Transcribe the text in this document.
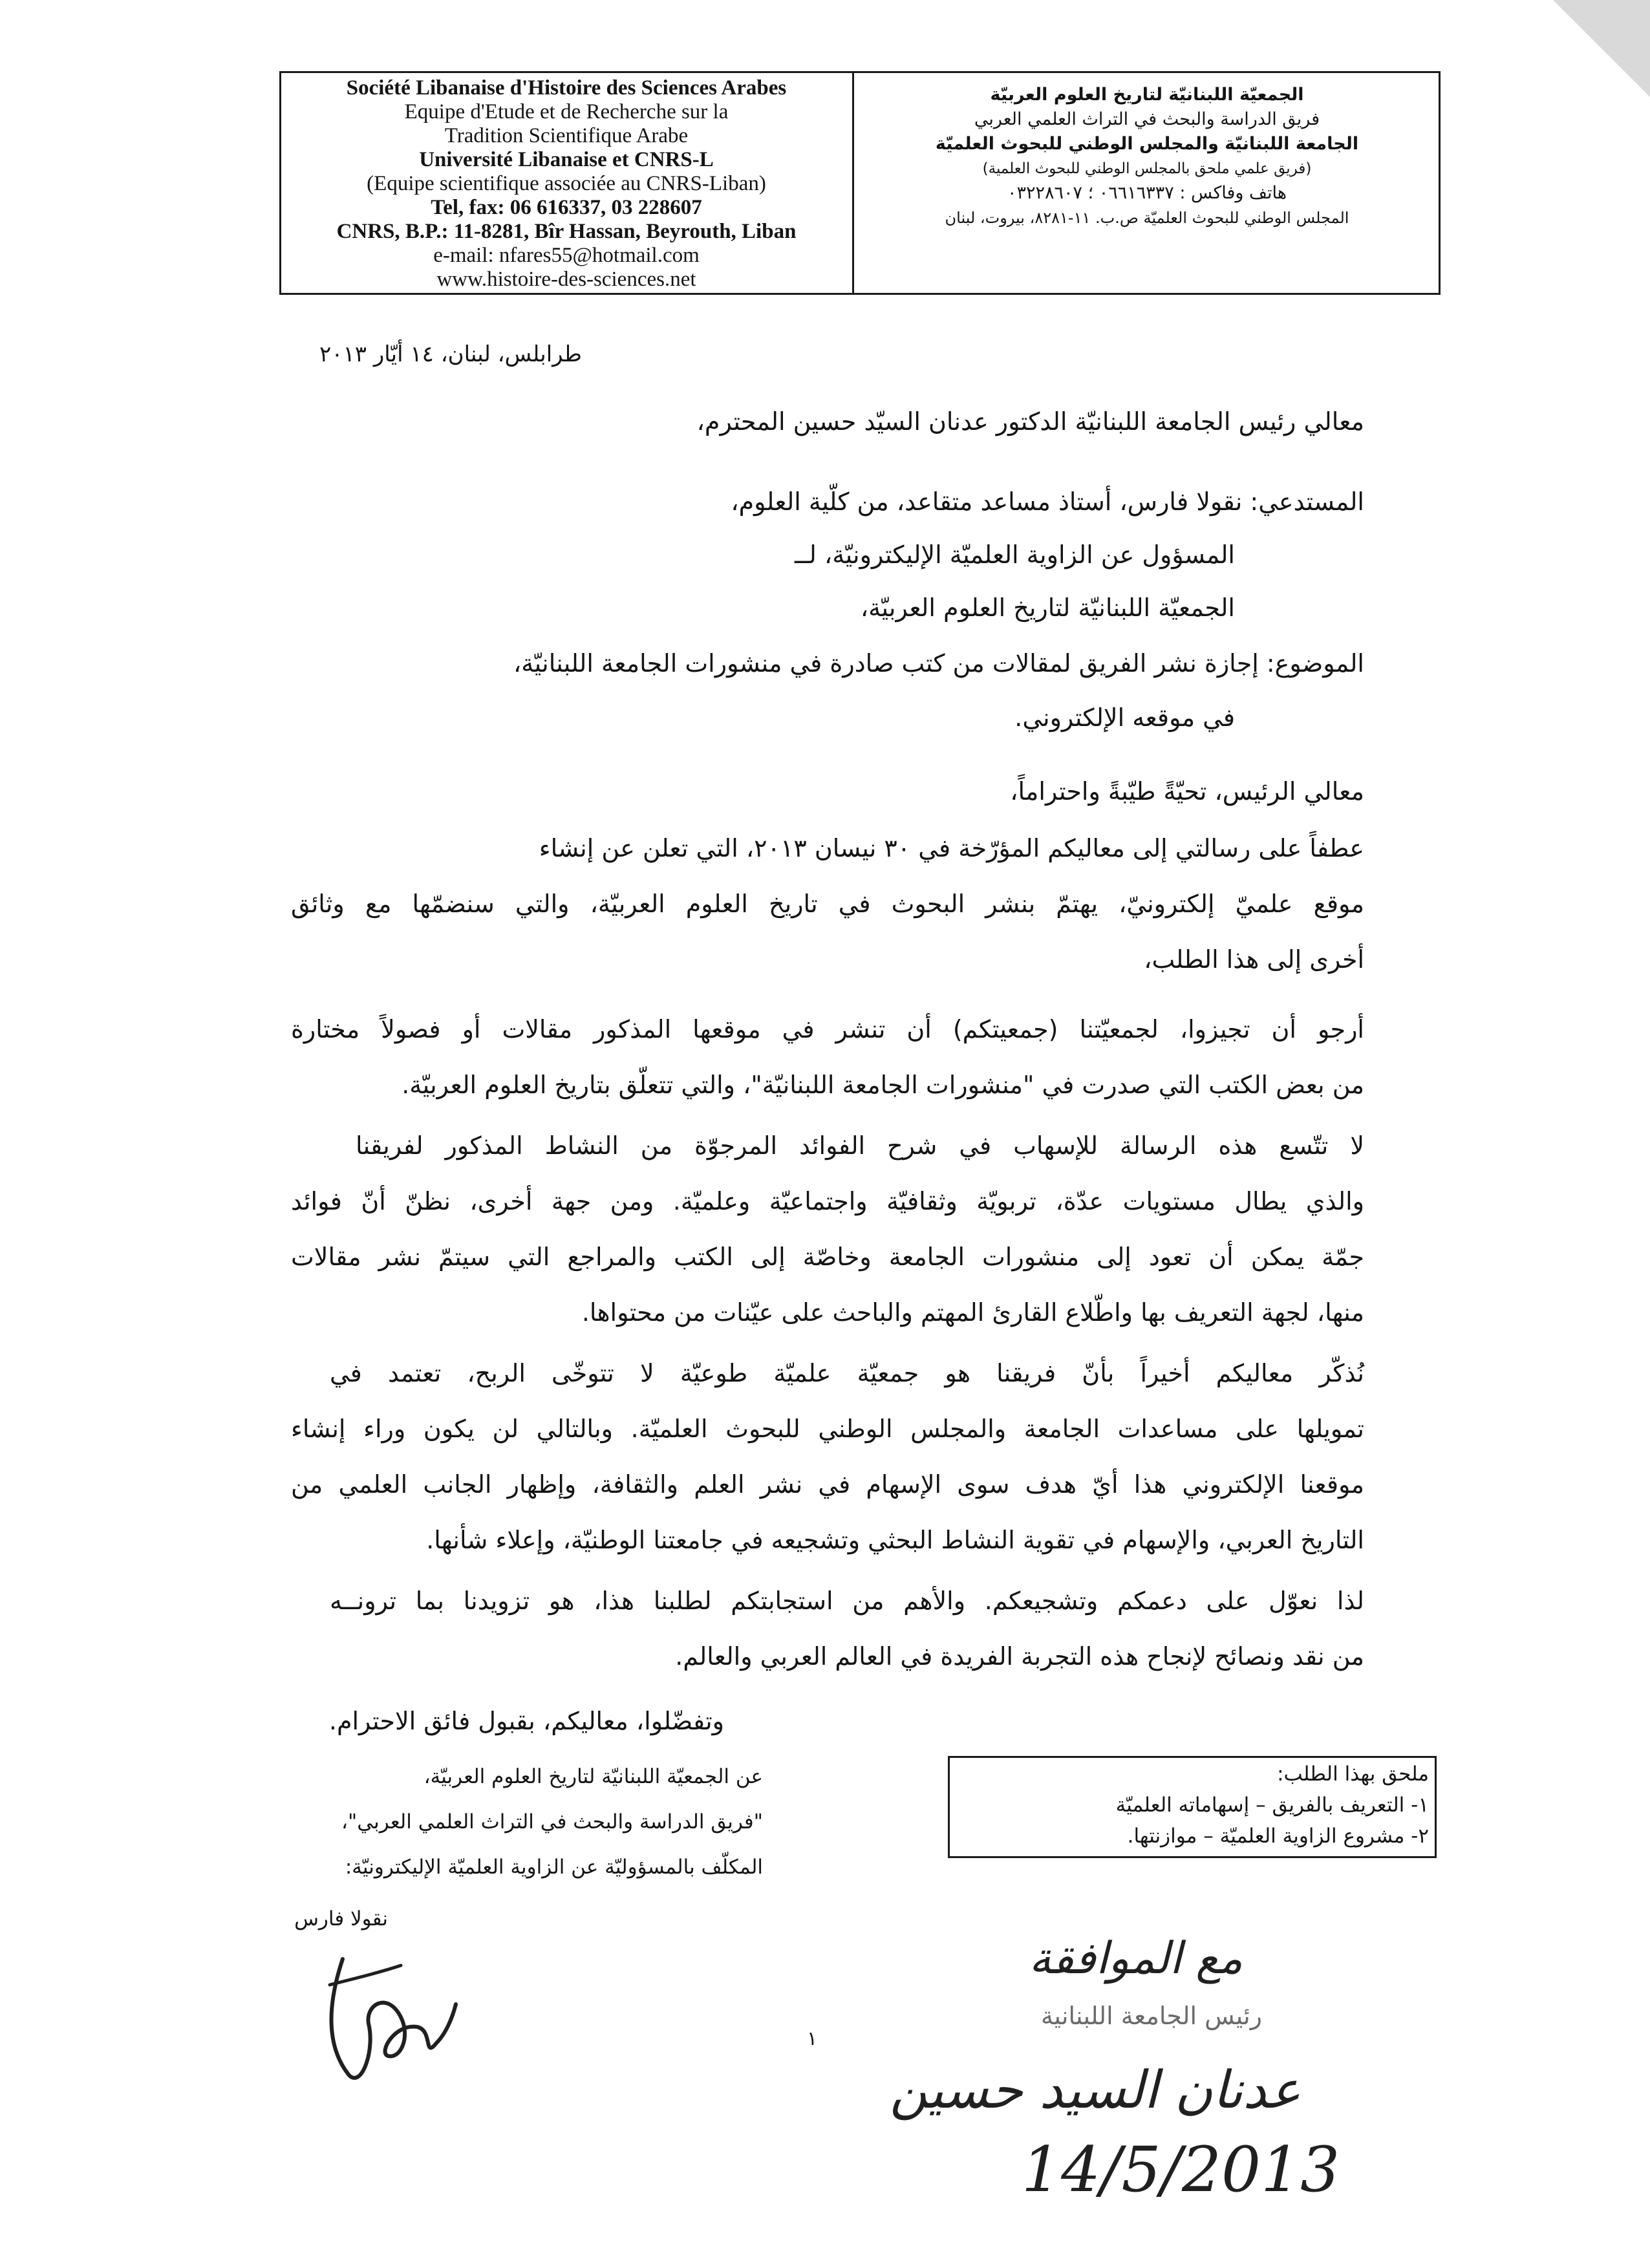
Société Libanaise d'Histoire des Sciences Arabes
Equipe d'Etude et de Recherche sur la
Tradition Scientifique Arabe
Université Libanaise et CNRS-L
(Equipe scientifique associée au CNRS-Liban)
Tel, fax: 06 616337, 03 228607
CNRS, B.P.: 11-8281, Bîr Hassan, Beyrouth, Liban
e-mail: nfares55@hotmail.com
www.histoire-des-sciences.net
الجمعيّة اللبنانيّة لتاريخ العلوم العربيّة
فريق الدراسة والبحث في التراث العلمي العربي
الجامعة اللبنانيّة والمجلس الوطني للبحوث العلميّة
(فريق علمي ملحق بالمجلس الوطني للبحوث العلمية)
هاتف وفاكس : ٠٦٦١٦٣٣٧ ؛ ٠٣٢٢٨٦٠٧
المجلس الوطني للبحوث العلميّة ص.ب. ١١-٨٢٨١، بيروت، لبنان
طرابلس، لبنان، ١٤ أيّار ٢٠١٣
معالي رئيس الجامعة اللبنانيّة الدكتور عدنان السيّد حسين المحترم،
المستدعي: نقولا فارس، أستاذ مساعد متقاعد، من كلّية العلوم،
المسؤول عن الزاوية العلميّة الإليكترونيّة، لــ
الجمعيّة اللبنانيّة لتاريخ العلوم العربيّة،
الموضوع: إجازة نشر الفريق لمقالات من كتب صادرة في منشورات الجامعة اللبنانيّة،
في موقعه الإلكتروني.
معالي الرئيس، تحيّةً طيّبةً واحتراماً،
عطفاً على رسالتي إلى معاليكم المؤرّخة في ٣٠ نيسان ٢٠١٣، التي تعلن عن إنشاء
موقع علميّ إلكترونيّ، يهتمّ بنشر البحوث في تاريخ العلوم العربيّة، والتي سنضمّها مع وثائق
أخرى إلى هذا الطلب،
أرجو أن تجيزوا، لجمعيّتنا (جمعيتكم) أن تنشر في موقعها المذكور مقالات أو فصولاً مختارة
من بعض الكتب التي صدرت في "منشورات الجامعة اللبنانيّة"، والتي تتعلّق بتاريخ العلوم العربيّة.
لا تتّسع هذه الرسالة للإسهاب في شرح الفوائد المرجوّة من النشاط المذكور لفريقنا
والذي يطال مستويات عدّة، تربويّة وثقافيّة واجتماعيّة وعلميّة. ومن جهة أخرى، نظنّ أنّ فوائد
جمّة يمكن أن تعود إلى منشورات الجامعة وخاصّة إلى الكتب والمراجع التي سيتمّ نشر مقالات
منها، لجهة التعريف بها واطّلاع القارئ المهتم والباحث على عيّنات من محتواها.
نُذكّر معاليكم أخيراً بأنّ فريقنا هو جمعيّة علميّة طوعيّة لا تتوخّى الربح، تعتمد في
تمويلها على مساعدات الجامعة والمجلس الوطني للبحوث العلميّة. وبالتالي لن يكون وراء إنشاء
موقعنا الإلكتروني هذا أيّ هدف سوى الإسهام في نشر العلم والثقافة، وإظهار الجانب العلمي من
التاريخ العربي، والإسهام في تقوية النشاط البحثي وتشجيعه في جامعتنا الوطنيّة، وإعلاء شأنها.
لذا نعوّل على دعمكم وتشجيعكم. والأهم من استجابتكم لطلبنا هذا، هو تزويدنا بما ترونــه
من نقد ونصائح لإنجاح هذه التجربة الفريدة في العالم العربي والعالم.
وتفضّلوا، معاليكم، بقبول فائق الاحترام.
عن الجمعيّة اللبنانيّة لتاريخ العلوم العربيّة،
"فريق الدراسة والبحث في التراث العلمي العربي"،
المكلّف بالمسؤوليّة عن الزاوية العلميّة الإليكترونيّة:
نقولا فارس
ملحق بهذا الطلب:
١- التعريف بالفريق – إسهاماته العلميّة
٢- مشروع الزاوية العلميّة – موازنتها.
مع الموافقة
رئيس الجامعة اللبنانية
عدنان السيد حسين
14/5/2013
١
